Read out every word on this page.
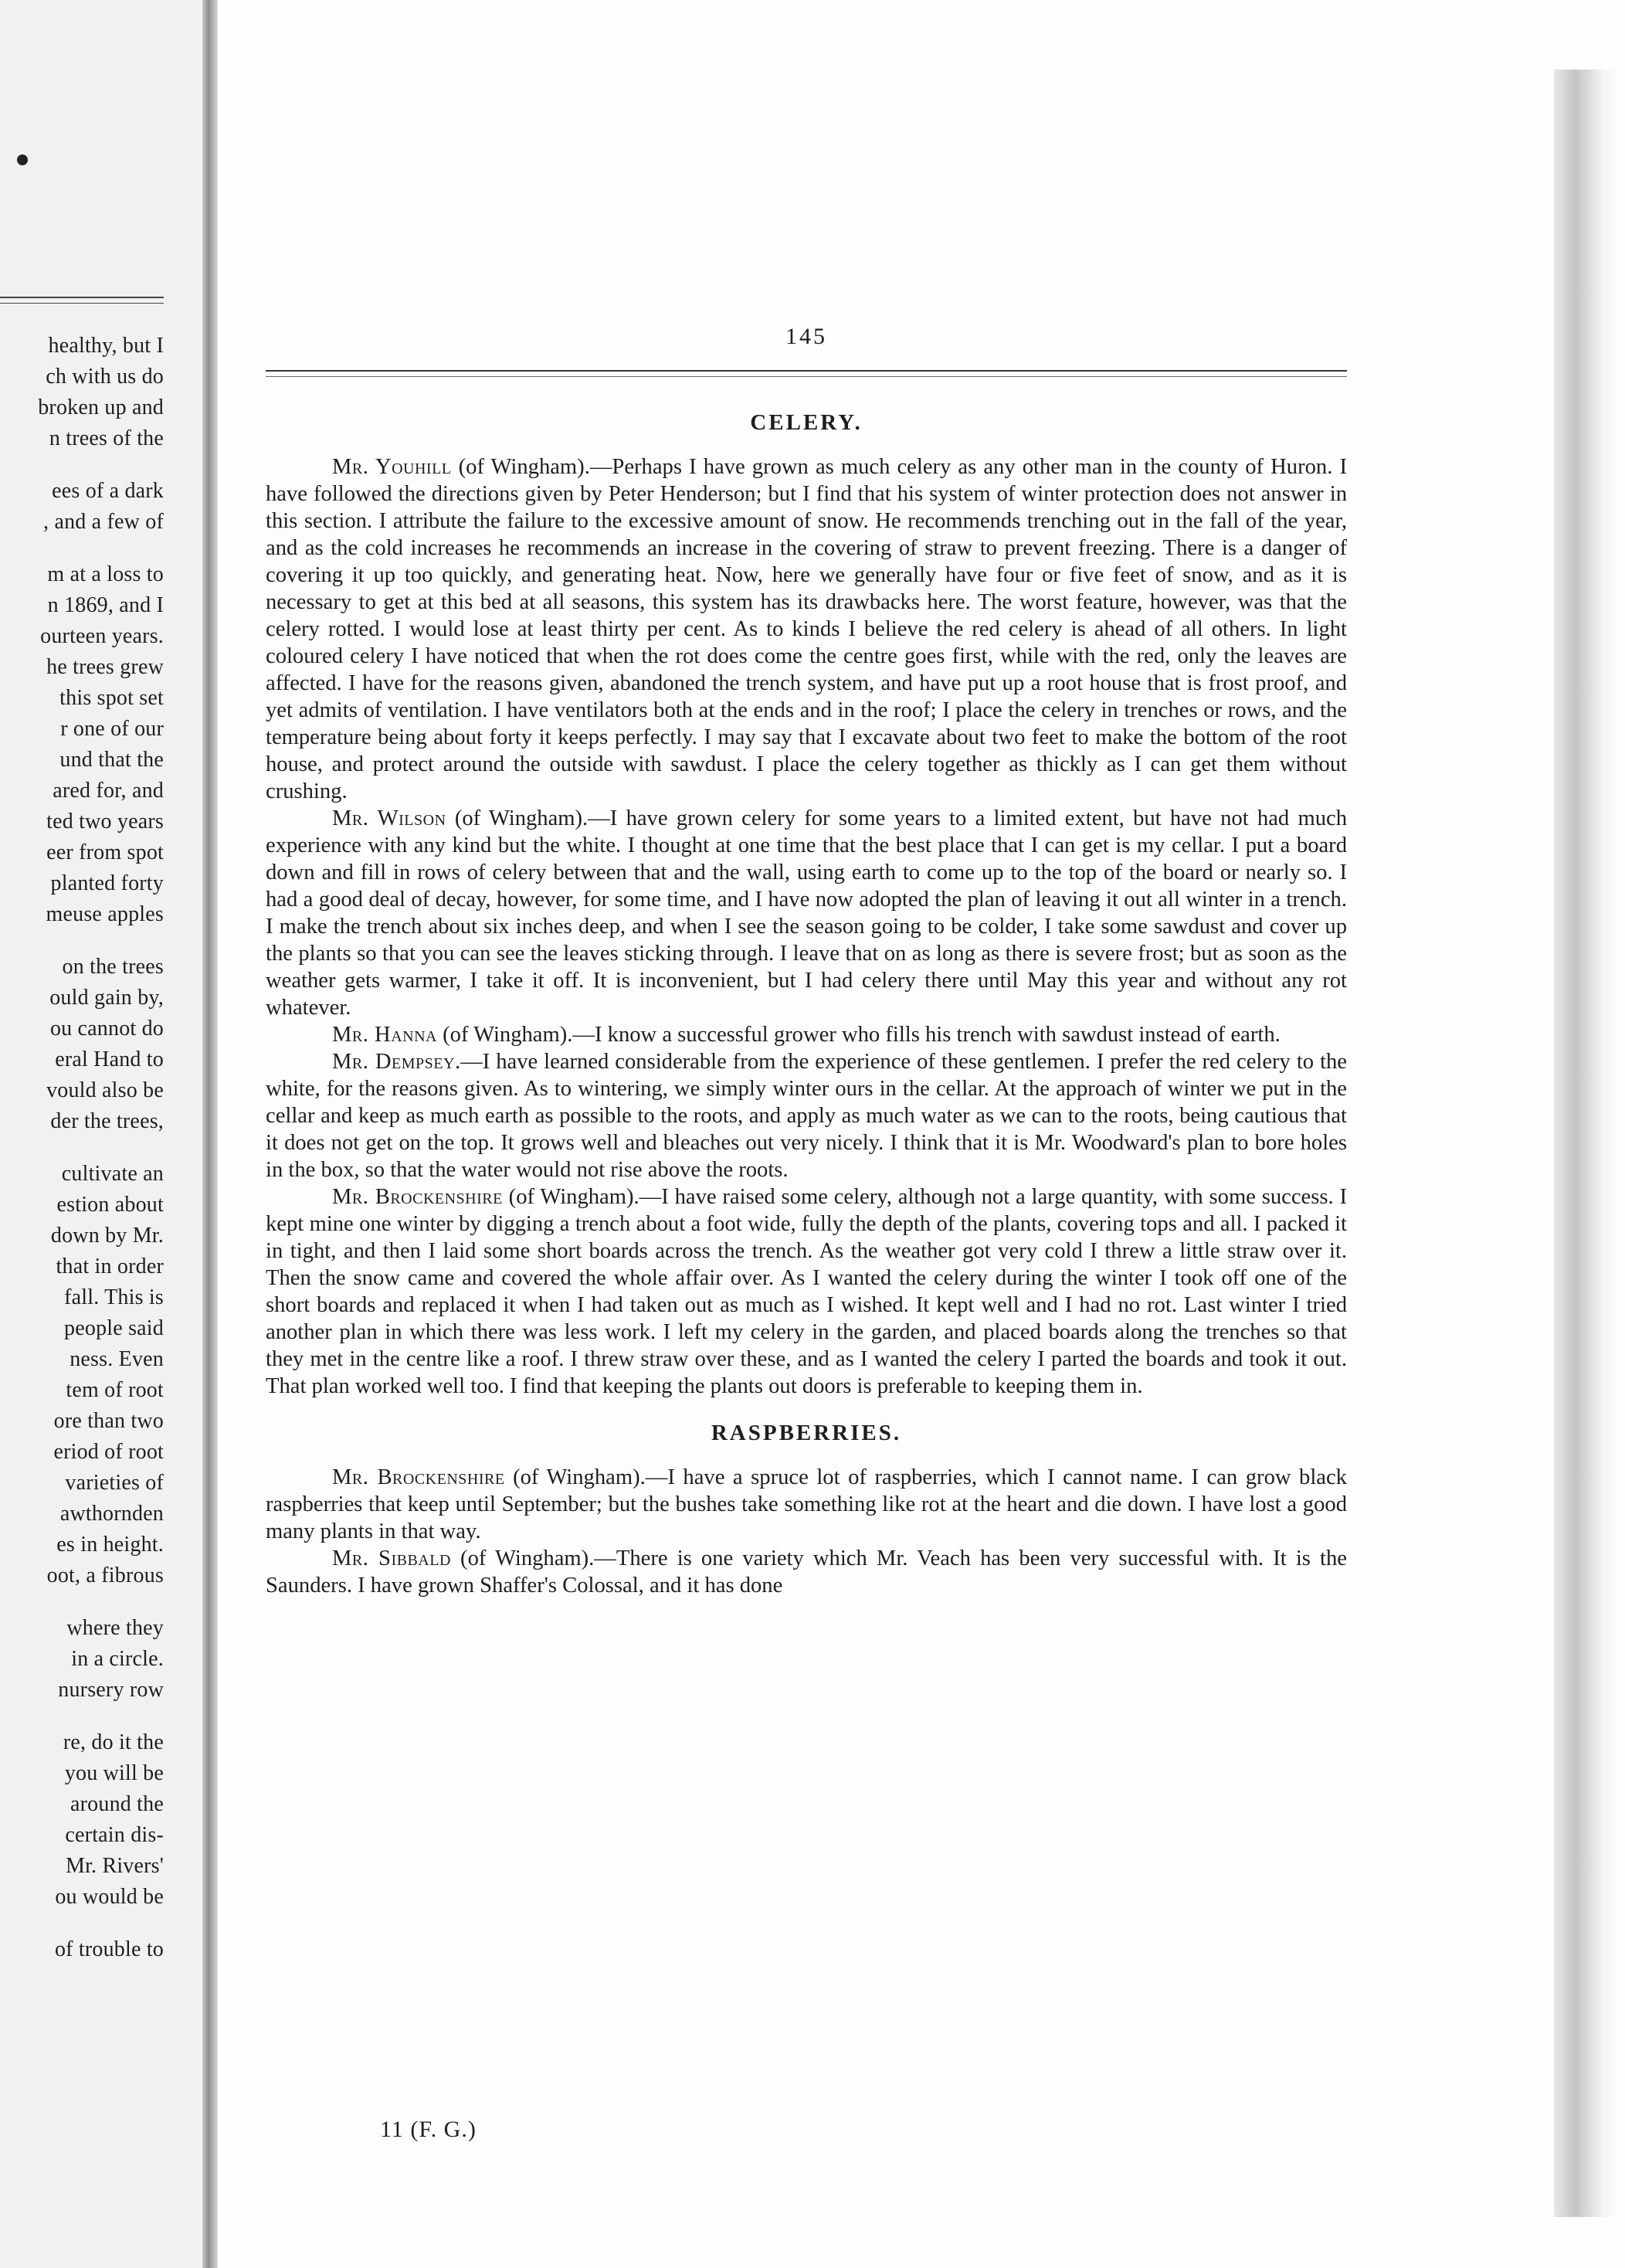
healthy, but I
ch with us do
broken up and
n trees of the
ees of a dark
, and a few of
m at a loss to
n 1869, and I
ourteen years.
he trees grew
this spot set
r one of our
und that the
ared for, and
ted two years
eer from spot
planted forty
meuse apples
on the trees
ould gain by,
ou cannot do
eral Hand to
vould also be
der the trees,
cultivate an
estion about
down by Mr.
that in order
fall. This is
people said
ness. Even
tem of root
ore than two
eriod of root
varieties of
awthornden
es in height.
oot, a fibrous
where they
in a circle.
nursery row
re, do it the
you will be
around the
certain dis-
Mr. Rivers'
ou would be
of trouble to
145
CELERY.

Mr. Youhill (of Wingham).—Perhaps I have grown as much celery as any other man in the county of Huron. I have followed the directions given by Peter Henderson; but I find that his system of winter protection does not answer in this section. I attribute the failure to the excessive amount of snow. He recommends trenching out in the fall of the year, and as the cold increases he recommends an increase in the covering of straw to prevent freezing. There is a danger of covering it up too quickly, and generating heat. Now, here we generally have four or five feet of snow, and as it is necessary to get at this bed at all seasons, this system has its drawbacks here. The worst feature, however, was that the celery rotted. I would lose at least thirty per cent. As to kinds I believe the red celery is ahead of all others. In light coloured celery I have noticed that when the rot does come the centre goes first, while with the red, only the leaves are affected. I have for the reasons given, abandoned the trench system, and have put up a root house that is frost proof, and yet admits of ventilation. I have ventilators both at the ends and in the roof; I place the celery in trenches or rows, and the temperature being about forty it keeps perfectly. I may say that I excavate about two feet to make the bottom of the root house, and protect around the outside with sawdust. I place the celery together as thickly as I can get them without crushing.

Mr. Wilson (of Wingham).—I have grown celery for some years to a limited extent, but have not had much experience with any kind but the white. I thought at one time that the best place that I can get is my cellar. I put a board down and fill in rows of celery between that and the wall, using earth to come up to the top of the board or nearly so. I had a good deal of decay, however, for some time, and I have now adopted the plan of leaving it out all winter in a trench. I make the trench about six inches deep, and when I see the season going to be colder, I take some sawdust and cover up the plants so that you can see the leaves sticking through. I leave that on as long as there is severe frost; but as soon as the weather gets warmer, I take it off. It is inconvenient, but I had celery there until May this year and without any rot whatever.

Mr. Hanna (of Wingham).—I know a successful grower who fills his trench with sawdust instead of earth.

Mr. Dempsey.—I have learned considerable from the experience of these gentlemen. I prefer the red celery to the white, for the reasons given. As to wintering, we simply winter ours in the cellar. At the approach of winter we put in the cellar and keep as much earth as possible to the roots, and apply as much water as we can to the roots, being cautious that it does not get on the top. It grows well and bleaches out very nicely. I think that it is Mr. Woodward's plan to bore holes in the box, so that the water would not rise above the roots.

Mr. Brockenshire (of Wingham).—I have raised some celery, although not a large quantity, with some success. I kept mine one winter by digging a trench about a foot wide, fully the depth of the plants, covering tops and all. I packed it in tight, and then I laid some short boards across the trench. As the weather got very cold I threw a little straw over it. Then the snow came and covered the whole affair over. As I wanted the celery during the winter I took off one of the short boards and replaced it when I had taken out as much as I wished. It kept well and I had no rot. Last winter I tried another plan in which there was less work. I left my celery in the garden, and placed boards along the trenches so that they met in the centre like a roof. I threw straw over these, and as I wanted the celery I parted the boards and took it out. That plan worked well too. I find that keeping the plants out doors is preferable to keeping them in.

RASPBERRIES.

Mr. Brockenshire (of Wingham).—I have a spruce lot of raspberries, which I cannot name. I can grow black raspberries that keep until September; but the bushes take something like rot at the heart and die down. I have lost a good many plants in that way.

Mr. Sibbald (of Wingham).—There is one variety which Mr. Veach has been very successful with. It is the Saunders. I have grown Shaffer's Colossal, and it has done

11 (F. G.)
